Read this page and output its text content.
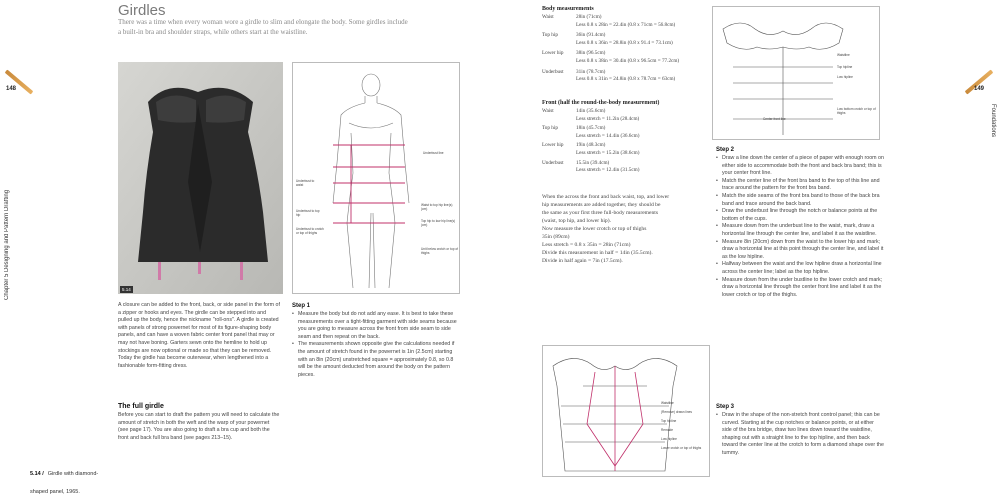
148
Chapter 5 Designing and Pattern Drafting
Girdles
There was a time when every woman wore a girdle to slim and elongate the body. Some girdles include a built-in bra and shoulder straps, while others start at the waistline.
5.14
Underbust line
Underbust to waist
Underbust to top hip
Waist to top hip line(s) (cm)
Top hip to low hip line(s) (cm)
Underbust to crotch or top of thighs
Unit below crotch or top of thighs
A closure can be added to the front, back, or side panel in the form of a zipper or hooks and eyes. The girdle can be stepped into and pulled up the body, hence the nickname "roll-ons". A girdle is created with panels of strong powernet for most of its figure-shaping body panels, and can have a woven fabric center front panel that may or may not have boning. Garters sewn onto the hemline to hold up stockings are now optional or made so that they can be removed. Today the girdle has become outerwear, when lengthened into a fashionable form-fitting dress.
The full girdle
Before you can start to draft the pattern you will need to calculate the amount of stretch in both the weft and the warp of your powernet (see page 17). You are also going to draft a bra cup and both the front and back full bra band (see pages 213–15).
5.14 / Girdle with diamond-shaped panel, 1965.
Step 1
• Measure the body but do not add any ease. It is best to take these measurements over a tight-fitting garment with side seams because you are going to measure across the front from side seam to side seam and then repeat on the back.
• The measurements shown opposite give the calculations needed if the amount of stretch found in the powernet is 1in (2.5cm) starting with an 8in (20cm) unstretched square = approximately 0.8, so 0.8 will be the amount deducted from around the body on the pattern pieces.
Body measurements
Waist	28in (71cm)
Less 0.8 x 28in = 22.4in (0.8 x 71cm = 56.8cm)
Top hip	36in (91.4cm)
Less 0.8 x 36in = 28.8in (0.8 x 91.4 = 73.1cm)
Lower hip	38in (96.5cm)
Less 0.8 x 38in = 30.4in (0.8 x 96.5cm = 77.2cm)
Underbust	31in (78.7cm)
Less 0.8 x 31in = 24.8in (0.8 x 78.7cm = 63cm)
Front (half the round-the-body measurement)
Waist	14in (35.6cm)
Less stretch = 11.2in (28.4cm)
Top hip	18in (45.7cm)
Less stretch = 14.4in (36.6cm)
Lower hip	19in (48.3cm)
Less stretch = 15.2in (38.6cm)
Underbust	15.5in (39.4cm)
Less stretch = 12.4in (31.5cm)
When the across the front and back waist, top, and lower
hip measurements are added together, they should be
the same as your first three full-body measurements
(waist, top hip, and lower hip).
Now measure the lower crotch or top of thighs
35in (89cm)
Less stretch = 0.8 x 35in = 28in (71cm)
Divide this measurement in half = 14in (35.5cm).
Divide in half again = 7in (17.5cm).
Waistline
(Remove) drawn lines
Top hipline
Remade
Low hipline
Lower crotch or top of thighs
Waistline
Top hipline
Low hipline
Low bottom crotch or top of thighs
Center front line
Step 2
• Draw a line down the center of a piece of paper with enough room on either side to accommodate both the front and back bra band; this is your center front line.
• Match the center line of the front bra band to the top of this line and trace around the pattern for the front bra band.
• Match the side seams of the front bra band to those of the back bra band and trace around the back band.
• Draw the underbust line through the notch or balance points at the bottom of the cups.
• Measure down from the underbust line to the waist, mark, draw a horizontal line through the center line, and label it as the waistline.
• Measure 8in (20cm) down from the waist to the lower hip and mark; draw a horizontal line at this point through the center line, and label it as the low hipline.
• Halfway between the waist and the low hipline draw a horizontal line across the center line; label as the top hipline.
• Measure down from the under bustline to the lower crotch and mark; draw a horizontal line through the center front line and label it as the lower crotch or top of the thighs.
Step 3
• Draw in the shape of the non-stretch front control panel; this can be curved. Starting at the cup notches or balance points, or at either side of the bra bridge, draw two lines down toward the waistline, shaping out with a straight line to the top hipline, and then back toward the center line at the crotch to form a diamond shape over the tummy.
149
Foundations
